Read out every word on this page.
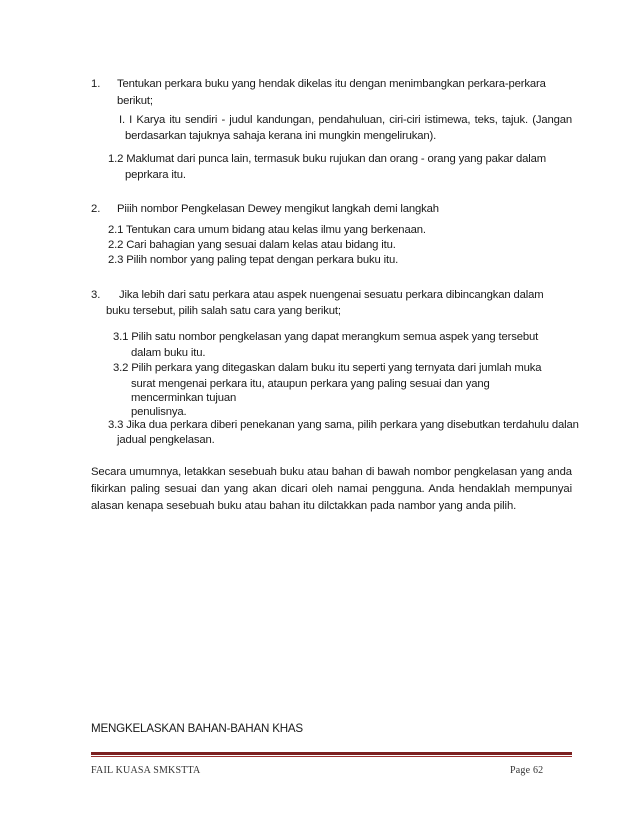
1. Tentukan perkara buku yang hendak dikelas itu dengan menimbangkan perkara-perkara
berikut;
I. I Karya itu sendiri - judul kandungan, pendahuluan, ciri-ciri istimewa, teks, tajuk. (Jangan
berdasarkan tajuknya sahaja kerana ini mungkin mengelirukan).
1.2 Maklumat dari punca lain, termasuk buku rujukan dan orang - orang yang pakar dalam
peprkara itu.
2. Piiih nombor Pengkelasan Dewey mengikut langkah demi langkah
2.1 Tentukan cara umum bidang atau kelas ilmu yang berkenaan.
2.2 Cari bahagian yang sesuai dalam kelas atau bidang itu.
2.3 Pilih nombor yang paling tepat dengan perkara buku itu.
3. Jika lebih dari satu perkara atau aspek nuengenai sesuatu perkara dibincangkan dalam
buku tersebut, pilih salah satu cara yang berikut;
3.1 Pilih satu nombor pengkelasan yang dapat merangkum semua aspek yang tersebut
dalam buku itu.
3.2 Pilih perkara yang ditegaskan dalam buku itu seperti yang ternyata dari jumlah muka
surat mengenai perkara itu, ataupun perkara yang paling sesuai dan yang
mencerminkan tujuan
penulisnya.
3.3 Jika dua perkara diberi penekanan yang sama, pilih perkara yang disebutkan terdahulu dalan
jadual pengkelasan.
Secara umumnya, letakkan sesebuah buku atau bahan di bawah nombor pengkelasan yang anda fikirkan paling sesuai dan yang akan dicari oleh namai pengguna. Anda hendaklah mempunyai alasan kenapa sesebuah buku atau bahan itu dilctakkan pada nambor yang anda pilih.
MENGKELASKAN BAHAN-BAHAN KHAS
FAIL KUASA SMKSTTA	Page 62
